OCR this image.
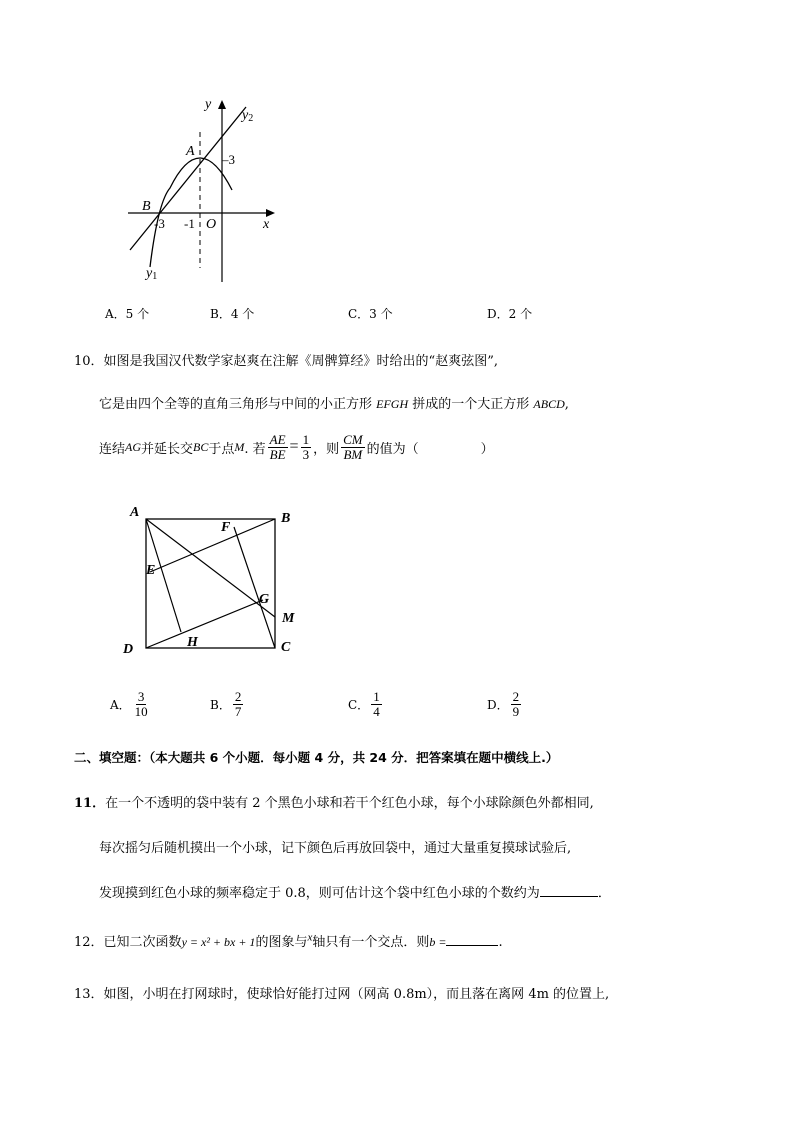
y
y2
A
–3
B
-3 -1 O	x
y1
A．5 个	B．4 个	C．3 个	D．2 个
10．如图是我国汉代数学家赵爽在注解《周髀算经》时给出的“赵爽弦图”,
它是由四个全等的直角三角形与中间的小正方形 EFGH 拼成的一个大正方形 ABCD,
连结 AG 并延长交 BC 于点 M . 若 $\frac{AE}{BE} = \frac{1}{3}$ ，则 $\frac{CM}{BM}$ 的值为（	）
A	B
C
D
E
F
G
H
M
A． $\frac{3}{10}$	B． $\frac{2}{7}$	C． $\frac{1}{4}$	D． $\frac{2}{9}$
二、填空题：（本大题共 6 个小题．每小题 4 分，共 24 分．把答案填在题中横线上.）
11．在一个不透明的袋中装有 2 个黑色小球和若干个红色小球，每个小球除颜色外都相同,
每次摇匀后随机摸出一个小球，记下颜色后再放回袋中，通过大量重复摸球试验后,
发现摸到红色小球的频率稳定于 0.8，则可估计这个袋中红色小球的个数约为	．
12．已知二次函数y = x² + bx + 1的图象与$^x$轴只有一个交点．则b =	.
13．如图，小明在打网球时，使球恰好能打过网（网高 0.8m），而且落在离网 4m 的位置上,
